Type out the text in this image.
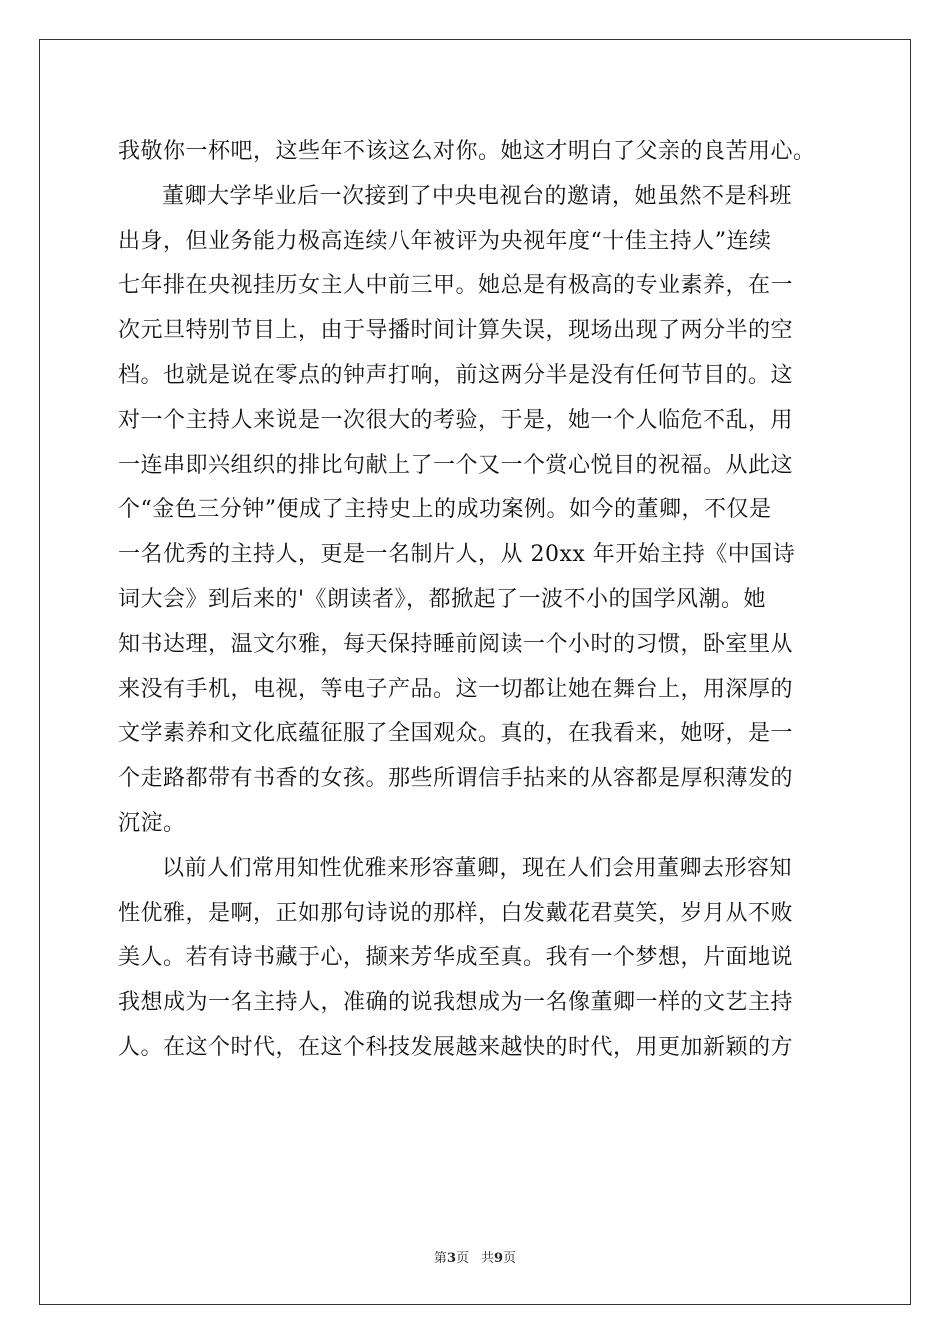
我敬你一杯吧，这些年不该这么对你。她这才明白了父亲的良苦用心。
董卿大学毕业后一次接到了中央电视台的邀请，她虽然不是科班
出身，但业务能力极高连续八年被评为央视年度“十佳主持人”连续
七年排在央视挂历女主人中前三甲。她总是有极高的专业素养，在一
次元旦特别节目上，由于导播时间计算失误，现场出现了两分半的空
档。也就是说在零点的钟声打响，前这两分半是没有任何节目的。这
对一个主持人来说是一次很大的考验，于是，她一个人临危不乱，用
一连串即兴组织的排比句献上了一个又一个赏心悦目的祝福。从此这
个“金色三分钟”便成了主持史上的成功案例。如今的董卿，不仅是
一名优秀的主持人，更是一名制片人，从 20xx 年开始主持《中国诗
词大会》到后来的'《朗读者》，都掀起了一波不小的国学风潮。她
知书达理，温文尔雅，每天保持睡前阅读一个小时的习惯，卧室里从
来没有手机，电视，等电子产品。这一切都让她在舞台上，用深厚的
文学素养和文化底蕴征服了全国观众。真的，在我看来，她呀，是一
个走路都带有书香的女孩。那些所谓信手拈来的从容都是厚积薄发的
沉淀。
以前人们常用知性优雅来形容董卿，现在人们会用董卿去形容知
性优雅，是啊，正如那句诗说的那样，白发戴花君莫笑，岁月从不败
美人。若有诗书藏于心，撷来芳华成至真。我有一个梦想，片面地说
我想成为一名主持人，准确的说我想成为一名像董卿一样的文艺主持
人。在这个时代，在这个科技发展越来越快的时代，用更加新颖的方
第3页 共9页
